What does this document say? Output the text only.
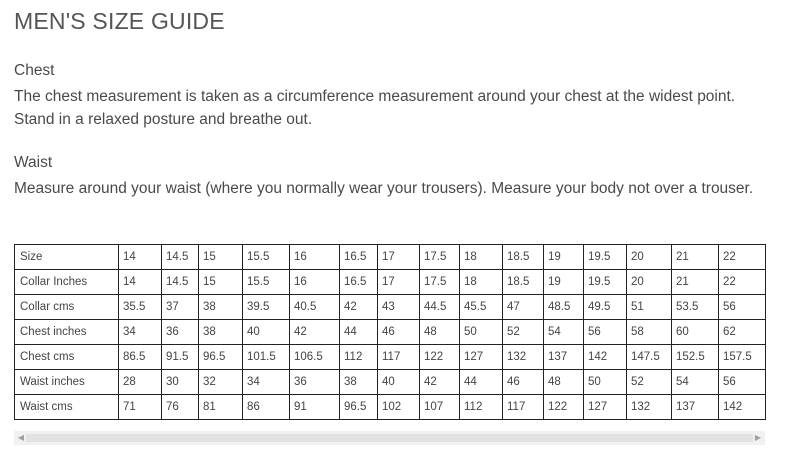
MEN'S SIZE GUIDE
Chest

The chest measurement is taken as a circumference measurement around your chest at the widest point. Stand in a relaxed posture and breathe out.

Waist

Measure around your waist (where you normally wear your trousers). Measure your body not over a trouser.

Size	14	14.5	15	15.5	16	16.5	17	17.5	18	18.5	19	19.5	20	21	22
Collar Inches	14	14.5	15	15.5	16	16.5	17	17.5	18	18.5	19	19.5	20	21	22
Collar cms	35.5	37	38	39.5	40.5	42	43	44.5	45.5	47	48.5	49.5	51	53.5	56
Chest inches	34	36	38	40	42	44	46	48	50	52	54	56	58	60	62
Chest cms	86.5	91.5	96.5	101.5	106.5	112	117	122	127	132	137	142	147.5	152.5	157.5
Waist inches	28	30	32	34	36	38	40	42	44	46	48	50	52	54	56
Waist cms	71	76	81	86	91	96.5	102	107	112	117	122	127	132	137	142
◀	▶
